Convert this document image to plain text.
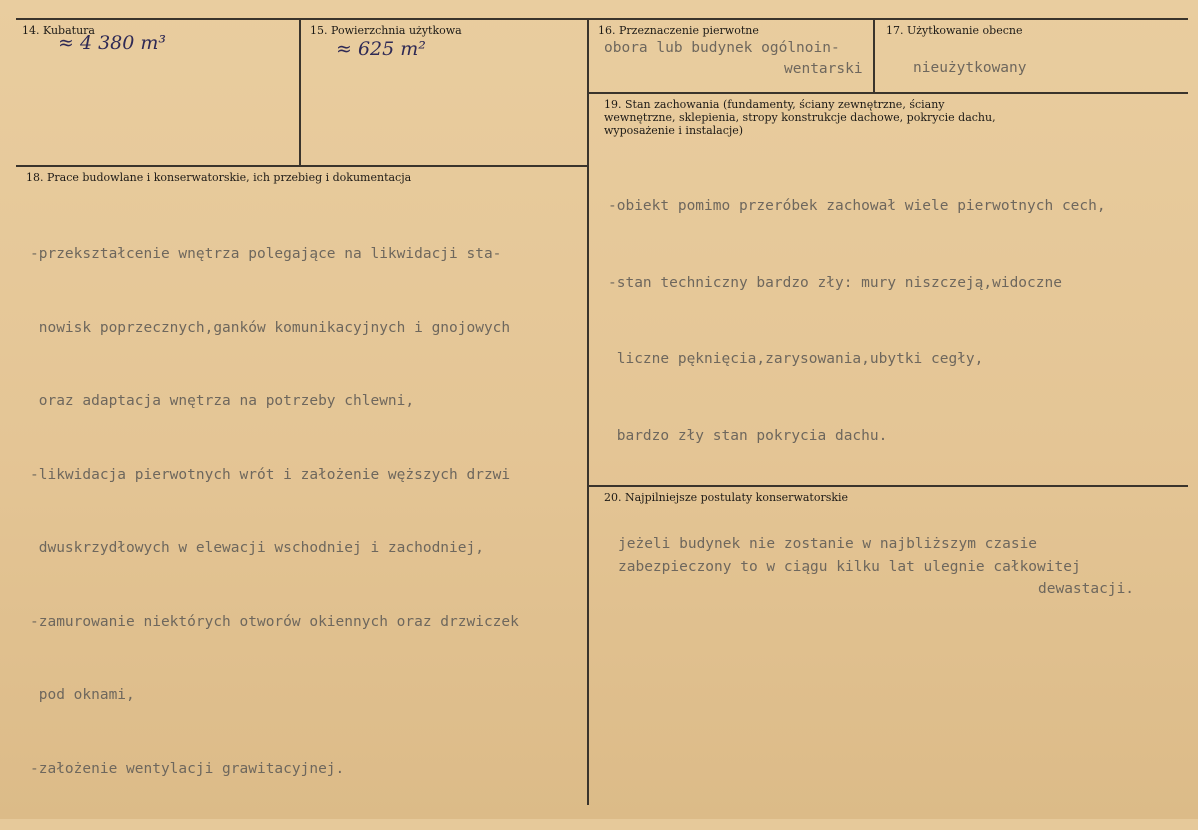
14. Kubatura
≈ 4 380 m³
15. Powierzchnia użytkowa
≈ 625 m²
16. Przeznaczenie pierwotne
obora lub budynek ogólnoin-
wentarski
17. Użytkowanie obecne
nieużytkowany
18. Prace budowlane i konserwatorskie, ich przebieg i dokumentacja

-przekształcenie wnętrza polegające na likwidacji sta-

nowisk poprzecznych,ganków komunikacyjnych i gnojowych

oraz adaptacja wnętrza na potrzeby chlewni,

-likwidacja pierwotnych wrót i założenie węższych drzwi

dwuskrzydłowych w elewacji wschodniej i zachodniej,

-zamurowanie niektórych otworów okiennych oraz drzwiczek

pod oknami,

-założenie wentylacji grawitacyjnej.

19. Stan zachowania (fundamenty, ściany zewnętrzne, ściany wewnętrzne, sklepienia, stropy konstrukcje dachowe, pokrycie dachu, wyposażenie i instalacje)

-obiekt pomimo przeróbek zachował wiele pierwotnych cech,

-stan techniczny bardzo zły: mury niszczeją,widoczne

liczne pęknięcia,zarysowania,ubytki cegły,

bardzo zły stan pokrycia dachu.

20. Najpilniejsze postulaty konserwatorskie
jeżeli budynek nie zostanie w najbliższym czasie
zabezpieczony to w ciągu kilku lat ulegnie całkowitej
dewastacji.
